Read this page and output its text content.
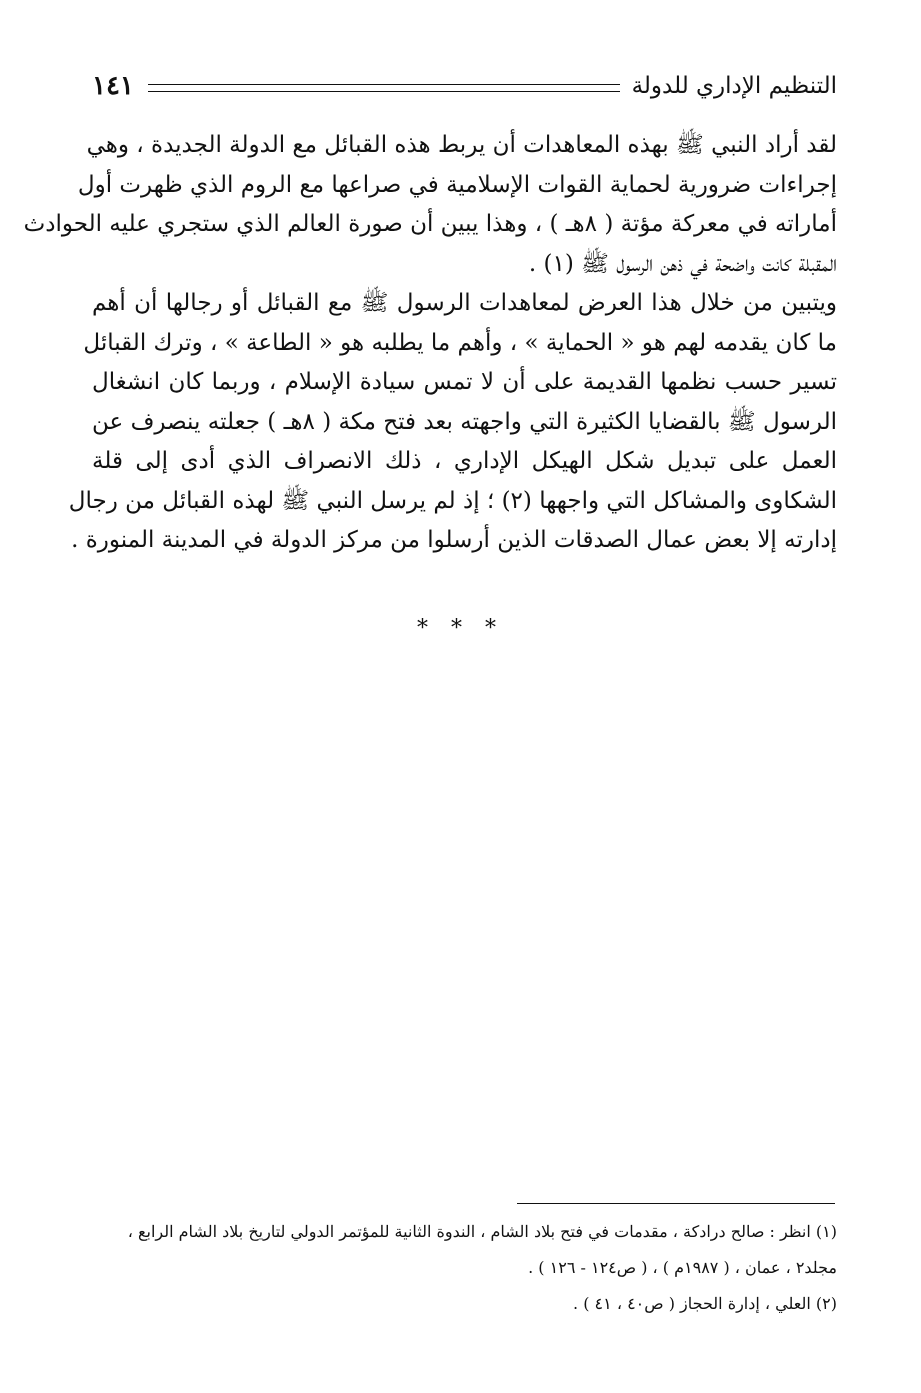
التنظيم الإداري للدولة
١٤١
لقد أراد النبي ﷺ بهذه المعاهدات أن يربط هذه القبائل مع الدولة الجديدة ، وهي
إجراءات ضرورية لحماية القوات الإسلامية في صراعها مع الروم الذي ظهرت أول
أماراته في معركة مؤتة ( ٨هـ ) ، وهذا يبين أن صورة العالم الذي ستجري عليه الحوادث
المقبلة كانت واضحة في ذهن الرسول ﷺ (١) .
ويتبين من خلال هذا العرض لمعاهدات الرسول ﷺ مع القبائل أو رجالها أن أهم
ما كان يقدمه لهم هو « الحماية » ، وأهم ما يطلبه هو « الطاعة » ، وترك القبائل
تسير حسب نظمها القديمة على أن لا تمس سيادة الإسلام ، وربما كان انشغال
الرسول ﷺ بالقضايا الكثيرة التي واجهته بعد فتح مكة ( ٨هـ ) جعلته ينصرف عن
العمل على تبديل شكل الهيكل الإداري ، ذلك الانصراف الذي أدى إلى قلة
الشكاوى والمشاكل التي واجهها (٢) ؛ إذ لم يرسل النبي ﷺ لهذه القبائل من رجال
إدارته إلا بعض عمال الصدقات الذين أرسلوا من مركز الدولة في المدينة المنورة .
* * *
(١) انظر : صالح درادكة ، مقدمات في فتح بلاد الشام ، الندوة الثانية للمؤتمر الدولي لتاريخ بلاد الشام الرابع ،
مجلد٢ ، عمان ، ( ١٩٨٧م ) ، ( ص١٢٤ - ١٢٦ ) .
(٢) العلي ، إدارة الحجاز ( ص٤٠ ، ٤١ ) .
